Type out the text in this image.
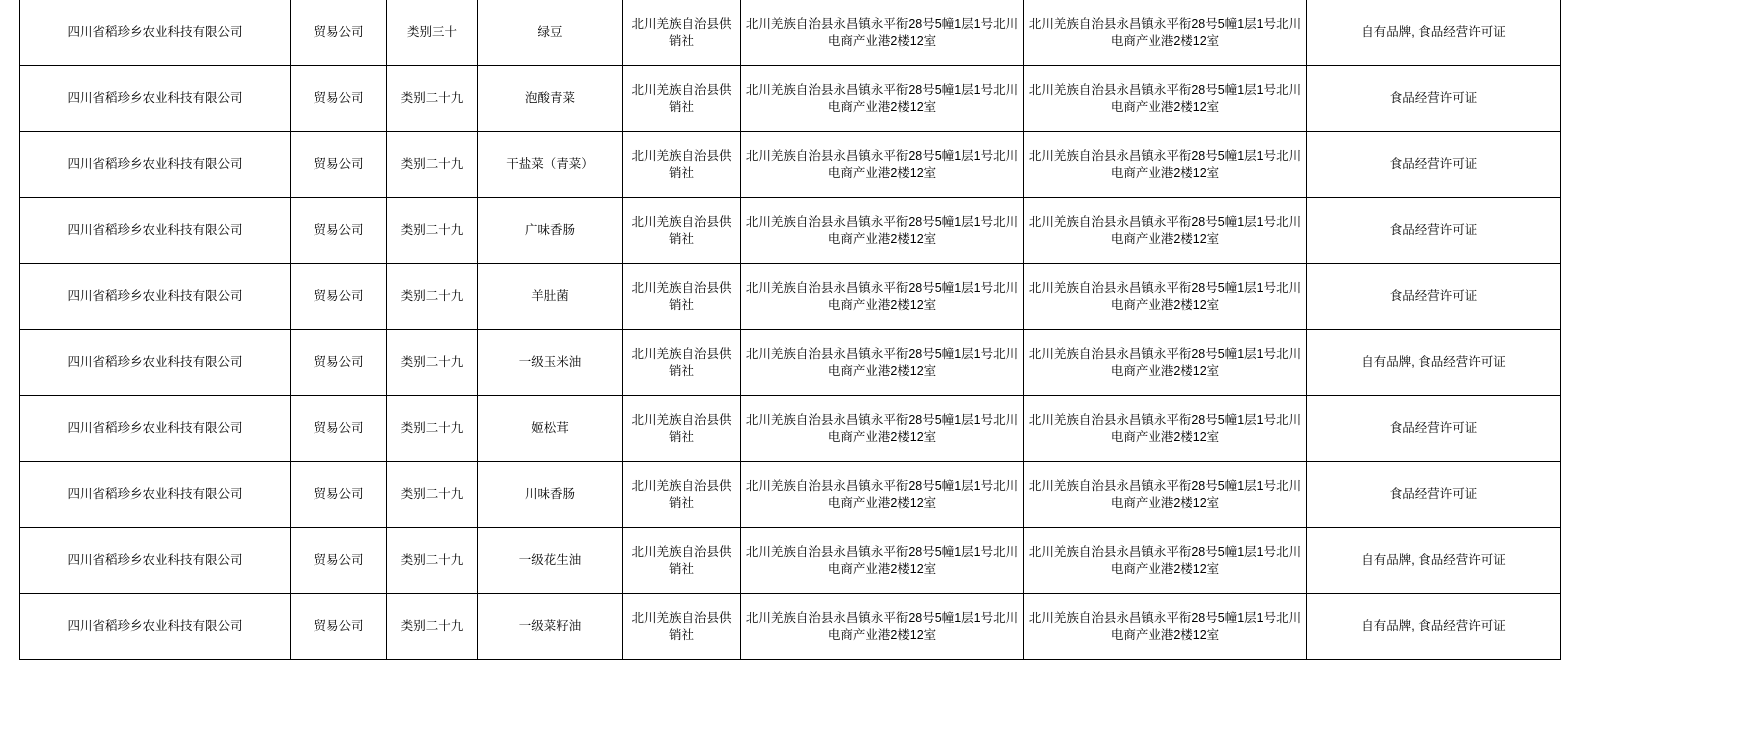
四川省稻珍乡农业科技有限公司	贸易公司	类别三十	绿豆	北川羌族自治县供销社	北川羌族自治县永昌镇永平衔28号5幢1层1号北川电商产业港2楼12室	北川羌族自治县永昌镇永平衔28号5幢1层1号北川电商产业港2楼12室	自有品牌, 食品经营许可证
四川省稻珍乡农业科技有限公司	贸易公司	类别二十九	泡酸青菜	北川羌族自治县供销社	北川羌族自治县永昌镇永平衔28号5幢1层1号北川电商产业港2楼12室	北川羌族自治县永昌镇永平衔28号5幢1层1号北川电商产业港2楼12室	食品经营许可证
四川省稻珍乡农业科技有限公司	贸易公司	类别二十九	干盐菜（青菜）	北川羌族自治县供销社	北川羌族自治县永昌镇永平衔28号5幢1层1号北川电商产业港2楼12室	北川羌族自治县永昌镇永平衔28号5幢1层1号北川电商产业港2楼12室	食品经营许可证
四川省稻珍乡农业科技有限公司	贸易公司	类别二十九	广味香肠	北川羌族自治县供销社	北川羌族自治县永昌镇永平衔28号5幢1层1号北川电商产业港2楼12室	北川羌族自治县永昌镇永平衔28号5幢1层1号北川电商产业港2楼12室	食品经营许可证
四川省稻珍乡农业科技有限公司	贸易公司	类别二十九	羊肚菌	北川羌族自治县供销社	北川羌族自治县永昌镇永平衔28号5幢1层1号北川电商产业港2楼12室	北川羌族自治县永昌镇永平衔28号5幢1层1号北川电商产业港2楼12室	食品经营许可证
四川省稻珍乡农业科技有限公司	贸易公司	类别二十九	一级玉米油	北川羌族自治县供销社	北川羌族自治县永昌镇永平衔28号5幢1层1号北川电商产业港2楼12室	北川羌族自治县永昌镇永平衔28号5幢1层1号北川电商产业港2楼12室	自有品牌, 食品经营许可证
四川省稻珍乡农业科技有限公司	贸易公司	类别二十九	姬松茸	北川羌族自治县供销社	北川羌族自治县永昌镇永平衔28号5幢1层1号北川电商产业港2楼12室	北川羌族自治县永昌镇永平衔28号5幢1层1号北川电商产业港2楼12室	食品经营许可证
四川省稻珍乡农业科技有限公司	贸易公司	类别二十九	川味香肠	北川羌族自治县供销社	北川羌族自治县永昌镇永平衔28号5幢1层1号北川电商产业港2楼12室	北川羌族自治县永昌镇永平衔28号5幢1层1号北川电商产业港2楼12室	食品经营许可证
四川省稻珍乡农业科技有限公司	贸易公司	类别二十九	一级花生油	北川羌族自治县供销社	北川羌族自治县永昌镇永平衔28号5幢1层1号北川电商产业港2楼12室	北川羌族自治县永昌镇永平衔28号5幢1层1号北川电商产业港2楼12室	自有品牌, 食品经营许可证
四川省稻珍乡农业科技有限公司	贸易公司	类别二十九	一级菜籽油	北川羌族自治县供销社	北川羌族自治县永昌镇永平衔28号5幢1层1号北川电商产业港2楼12室	北川羌族自治县永昌镇永平衔28号5幢1层1号北川电商产业港2楼12室	自有品牌, 食品经营许可证
